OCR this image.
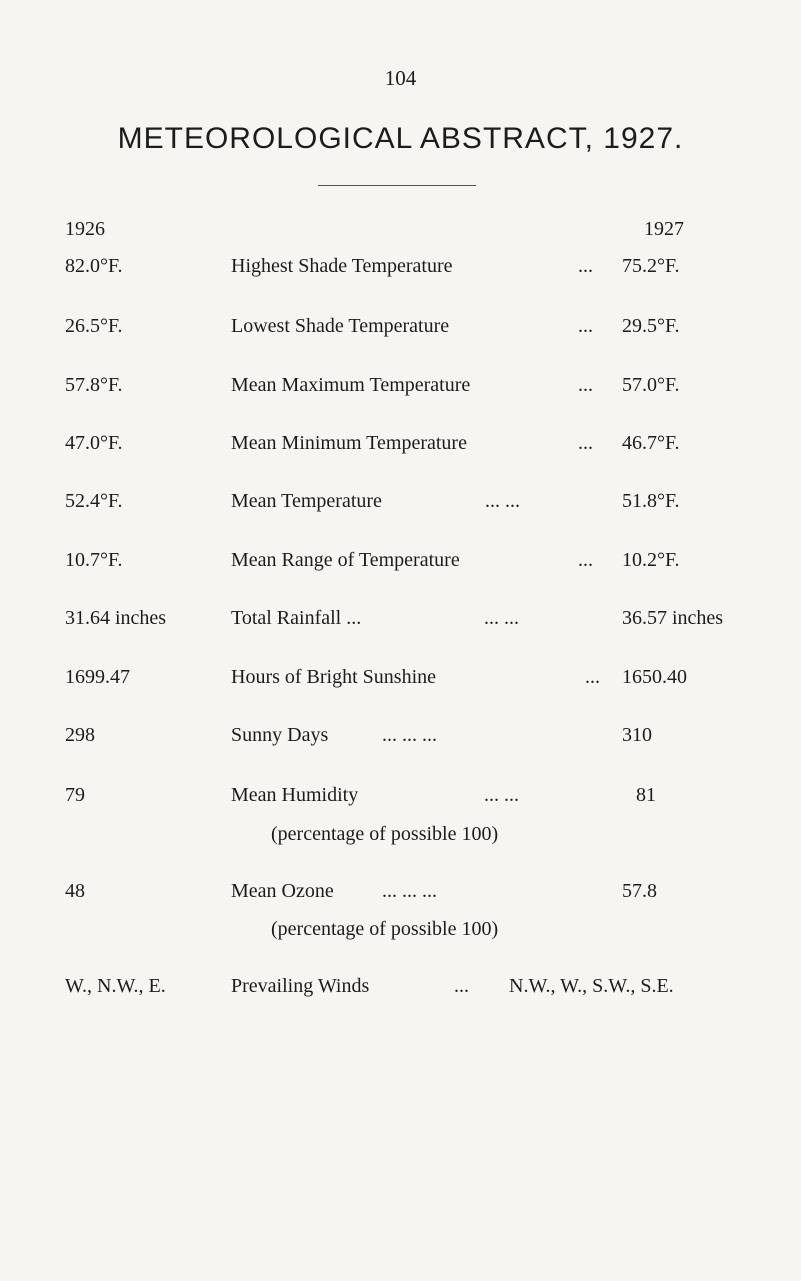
104
METEOROLOGICAL ABSTRACT, 1927.
1926	1927
82.0°F.	Highest Shade Temperature	... 75.2°F.
26.5°F.	Lowest Shade Temperature	... 29.5°F.
57.8°F.	Mean Maximum Temperature	... 57.0°F.
47.0°F.	Mean Minimum Temperature	... 46.7°F.
52.4°F.	Mean Temperature	... ...	51.8°F.
10.7°F.	Mean Range of Temperature	... 10.2°F.
31.64 inches	Total Rainfall ...	... ...	36.57 inches
1699.47	Hours of Bright Sunshine	... 1650.40
298	Sunny Days	... ... ...	310
79	Mean Humidity	... ...	81
(percentage of possible 100)
48	Mean Ozone ... ... ...	57.8
(percentage of possible 100)
W., N.W., E.	Prevailing Winds	... N.W., W., S.W., S.E.
